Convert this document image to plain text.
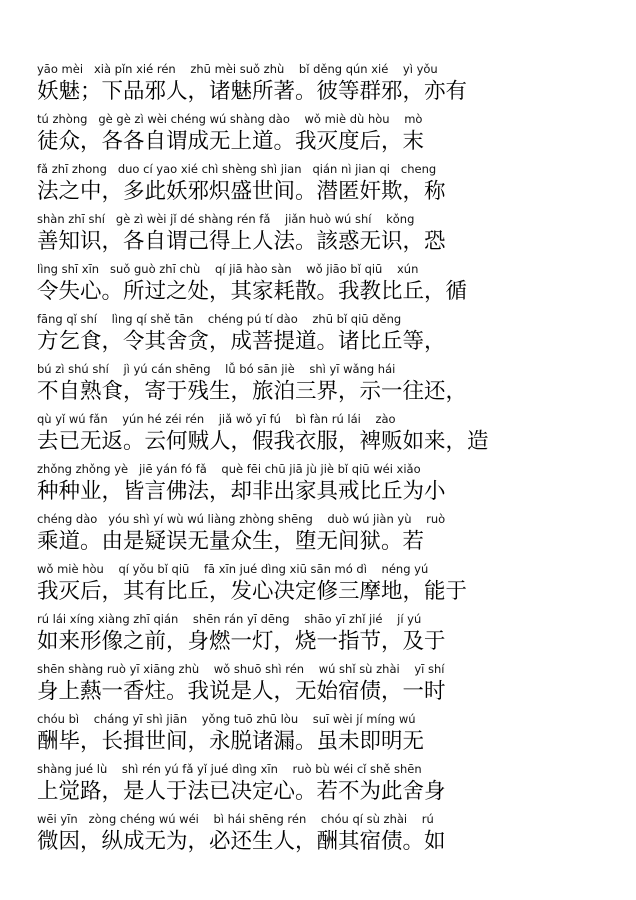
yāo mèi   xià pǐn xié rén    zhū mèi suǒ zhù    bǐ děng qún xié    yì yǒu
妖魅；下品邪人，诸魅所著。彼等群邪，亦有
tú zhòng   gè gè zì wèi chéng wú shàng dào    wǒ miè dù hòu    mò
徒众，各各自谓成无上道。我灭度后，末
fǎ zhī zhong   duo cí yao xié chì shèng shì jian   qián nì jian qi   cheng
法之中，多此妖邪炽盛世间。潜匿奸欺，称
shàn zhī shí   gè zì wèi jǐ dé shàng rén fǎ    jiǎn huò wú shí    kǒng
善知识，各自谓己得上人法。該惑无识，恐
lìng shī xīn   suǒ guò zhī chù    qí jiā hào sàn    wǒ jiāo bǐ qiū    xún
令失心。所过之处，其家耗散。我教比丘，循
fāng qǐ shí    lìng qí shě tān    chéng pú tí dào    zhū bǐ qiū děng
方乞食，令其舍贪，成菩提道。诸比丘等，
bú zì shú shí    jì yú cán shēng    lǚ bó sān jiè    shì yī wǎng hái
不自熟食，寄于残生，旅泊三界，示一往还，
qù yǐ wú fǎn    yún hé zéi rén    jiǎ wǒ yī fú    bì fàn rú lái    zào
去已无返。云何贼人，假我衣服，裨贩如来，造
zhǒng zhǒng yè   jiē yán fó fǎ    què fēi chū jiā jù jiè bǐ qiū wéi xiǎo
种种业，皆言佛法，却非出家具戒比丘为小
chéng dào   yóu shì yí wù wú liàng zhòng shēng    duò wú jiàn yù    ruò
乘道。由是疑误无量众生，堕无间狱。若
wǒ miè hòu    qí yǒu bǐ qiū    fā xīn jué dìng xiū sān mó dì    néng yú
我灭后，其有比丘，发心决定修三摩地，能于
rú lái xíng xiàng zhī qián    shēn rán yī dēng    shāo yī zhǐ jié    jí yú
如来形像之前，身燃一灯，烧一指节，及于
shēn shàng ruò yī xiāng zhù    wǒ shuō shì rén    wú shǐ sù zhài    yī shí
身上爇一香炷。我说是人，无始宿债，一时
chóu bì    cháng yī shì jiān    yǒng tuō zhū lòu    suī wèi jí míng wú
酬毕，长揖世间，永脱诸漏。虽未即明无
shàng jué lù    shì rén yú fǎ yǐ jué dìng xīn    ruò bù wéi cǐ shě shēn
上觉路，是人于法已决定心。若不为此舍身
wēi yīn   zòng chéng wú wéi    bì hái shēng rén    chóu qí sù zhài    rú
微因，纵成无为，必还生人，酬其宿债。如
